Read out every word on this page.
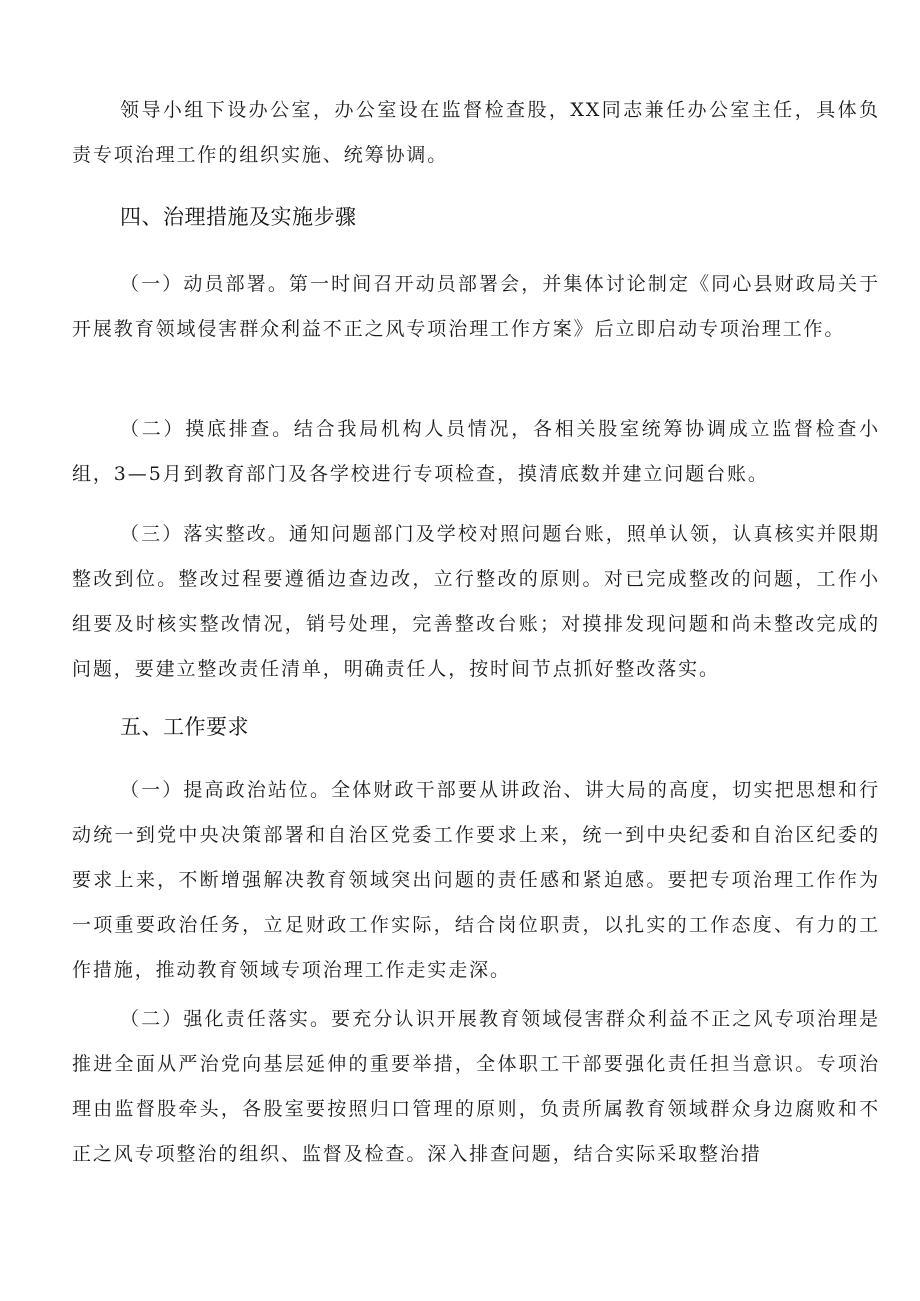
领导小组下设办公室，办公室设在监督检查股，XX同志兼任办公室主任，具体负责专项治理工作的组织实施、统筹协调。

四、治理措施及实施步骤

（一）动员部署。第一时间召开动员部署会，并集体讨论制定《同心县财政局关于开展教育领域侵害群众利益不正之风专项治理工作方案》后立即启动专项治理工作。

（二）摸底排查。结合我局机构人员情况，各相关股室统筹协调成立监督检查小组，3—5月到教育部门及各学校进行专项检查，摸清底数并建立问题台账。

（三）落实整改。通知问题部门及学校对照问题台账，照单认领，认真核实并限期整改到位。整改过程要遵循边查边改，立行整改的原则。对已完成整改的问题，工作小组要及时核实整改情况，销号处理，完善整改台账；对摸排发现问题和尚未整改完成的问题，要建立整改责任清单，明确责任人，按时间节点抓好整改落实。

五、工作要求

（一）提高政治站位。全体财政干部要从讲政治、讲大局的高度，切实把思想和行动统一到党中央决策部署和自治区党委工作要求上来，统一到中央纪委和自治区纪委的要求上来，不断增强解决教育领域突出问题的责任感和紧迫感。要把专项治理工作作为一项重要政治任务，立足财政工作实际，结合岗位职责，以扎实的工作态度、有力的工作措施，推动教育领域专项治理工作走实走深。

（二）强化责任落实。要充分认识开展教育领域侵害群众利益不正之风专项治理是推进全面从严治党向基层延伸的重要举措，全体职工干部要强化责任担当意识。专项治理由监督股牵头，各股室要按照归口管理的原则，负责所属教育领域群众身边腐败和不正之风专项整治的组织、监督及检查。深入排查问题，结合实际采取整治措
